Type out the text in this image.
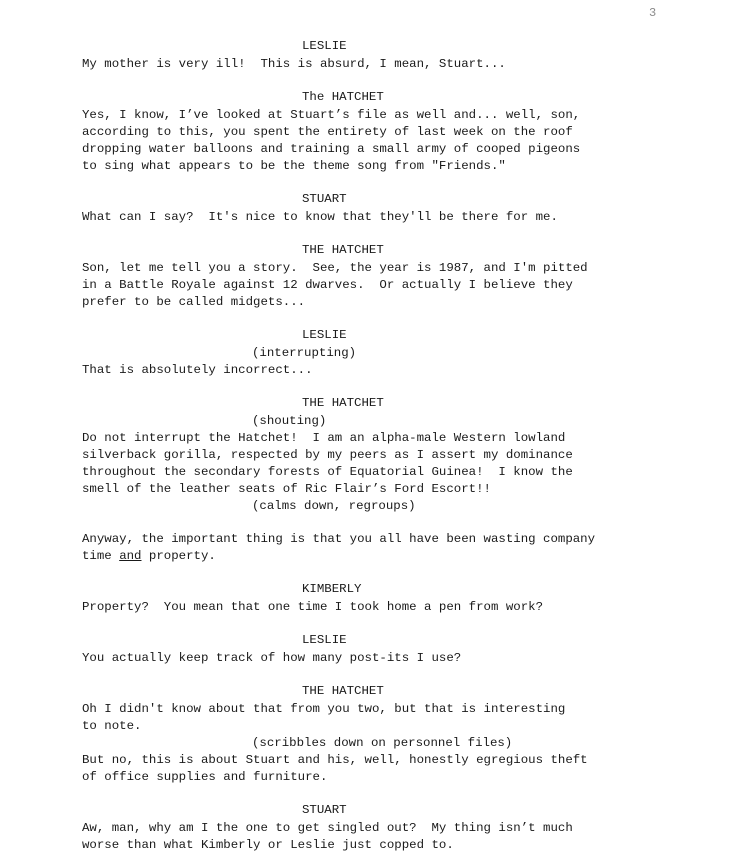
3
LESLIE
My mother is very ill!  This is absurd, I mean, Stuart...
The HATCHET
Yes, I know, I’ve looked at Stuart’s file as well and... well, son,
according to this, you spent the entirety of last week on the roof
dropping water balloons and training a small army of cooped pigeons
to sing what appears to be the theme song from "Friends."
STUART
What can I say?  It's nice to know that they'll be there for me.
THE HATCHET
Son, let me tell you a story.  See, the year is 1987, and I'm pitted
in a Battle Royale against 12 dwarves.  Or actually I believe they
prefer to be called midgets...
LESLIE
(interrupting)
That is absolutely incorrect...
THE HATCHET
(shouting)
Do not interrupt the Hatchet!  I am an alpha-male Western lowland
silverback gorilla, respected by my peers as I assert my dominance
throughout the secondary forests of Equatorial Guinea!  I know the
smell of the leather seats of Ric Flair’s Ford Escort!!
(calms down, regroups)
Anyway, the important thing is that you all have been wasting company
time and property.
KIMBERLY
Property?  You mean that one time I took home a pen from work?
LESLIE
You actually keep track of how many post-its I use?
THE HATCHET
Oh I didn't know about that from you two, but that is interesting
to note.
(scribbles down on personnel files)
But no, this is about Stuart and his, well, honestly egregious theft
of office supplies and furniture.
STUART
Aw, man, why am I the one to get singled out?  My thing isn’t much
worse than what Kimberly or Leslie just copped to.
